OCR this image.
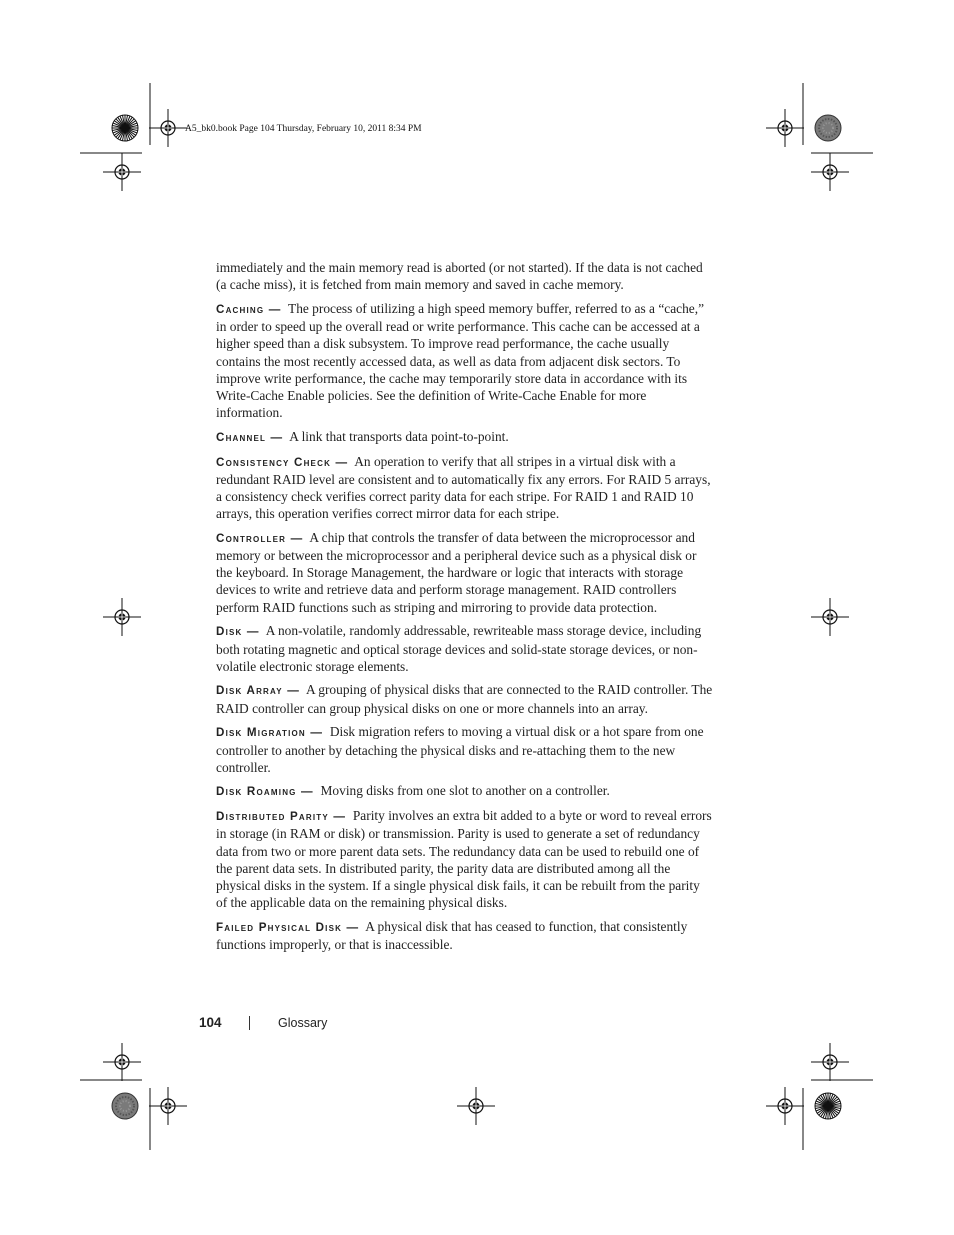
A5_bk0.book Page 104 Thursday, February 10, 2011 8:34 PM

immediately and the main memory read is aborted (or not started). If the data is not cached (a cache miss), it is fetched from main memory and saved in cache memory.

Caching — The process of utilizing a high speed memory buffer, referred to as a “cache,” in order to speed up the overall read or write performance. This cache can be accessed at a higher speed than a disk subsystem. To improve read performance, the cache usually contains the most recently accessed data, as well as data from adjacent disk sectors. To improve write performance, the cache may temporarily store data in accordance with its Write-Cache Enable policies. See the definition of Write-Cache Enable for more information.

Channel — A link that transports data point-to-point.

Consistency Check — An operation to verify that all stripes in a virtual disk with a redundant RAID level are consistent and to automatically fix any errors. For RAID 5 arrays, a consistency check verifies correct parity data for each stripe. For RAID 1 and RAID 10 arrays, this operation verifies correct mirror data for each stripe.

Controller — A chip that controls the transfer of data between the microprocessor and memory or between the microprocessor and a peripheral device such as a physical disk or the keyboard. In Storage Management, the hardware or logic that interacts with storage devices to write and retrieve data and perform storage management. RAID controllers perform RAID functions such as striping and mirroring to provide data protection.

Disk — A non-volatile, randomly addressable, rewriteable mass storage device, including both rotating magnetic and optical storage devices and solid-state storage devices, or non-volatile electronic storage elements.

Disk Array — A grouping of physical disks that are connected to the RAID controller. The RAID controller can group physical disks on one or more channels into an array.

Disk Migration — Disk migration refers to moving a virtual disk or a hot spare from one controller to another by detaching the physical disks and re-attaching them to the new controller.

Disk Roaming — Moving disks from one slot to another on a controller.

Distributed Parity — Parity involves an extra bit added to a byte or word to reveal errors in storage (in RAM or disk) or transmission. Parity is used to generate a set of redundancy data from two or more parent data sets. The redundancy data can be used to rebuild one of the parent data sets. In distributed parity, the parity data are distributed among all the physical disks in the system. If a single physical disk fails, it can be rebuilt from the parity of the applicable data on the remaining physical disks.

Failed Physical Disk — A physical disk that has ceased to function, that consistently functions improperly, or that is inaccessible.

104	Glossary
